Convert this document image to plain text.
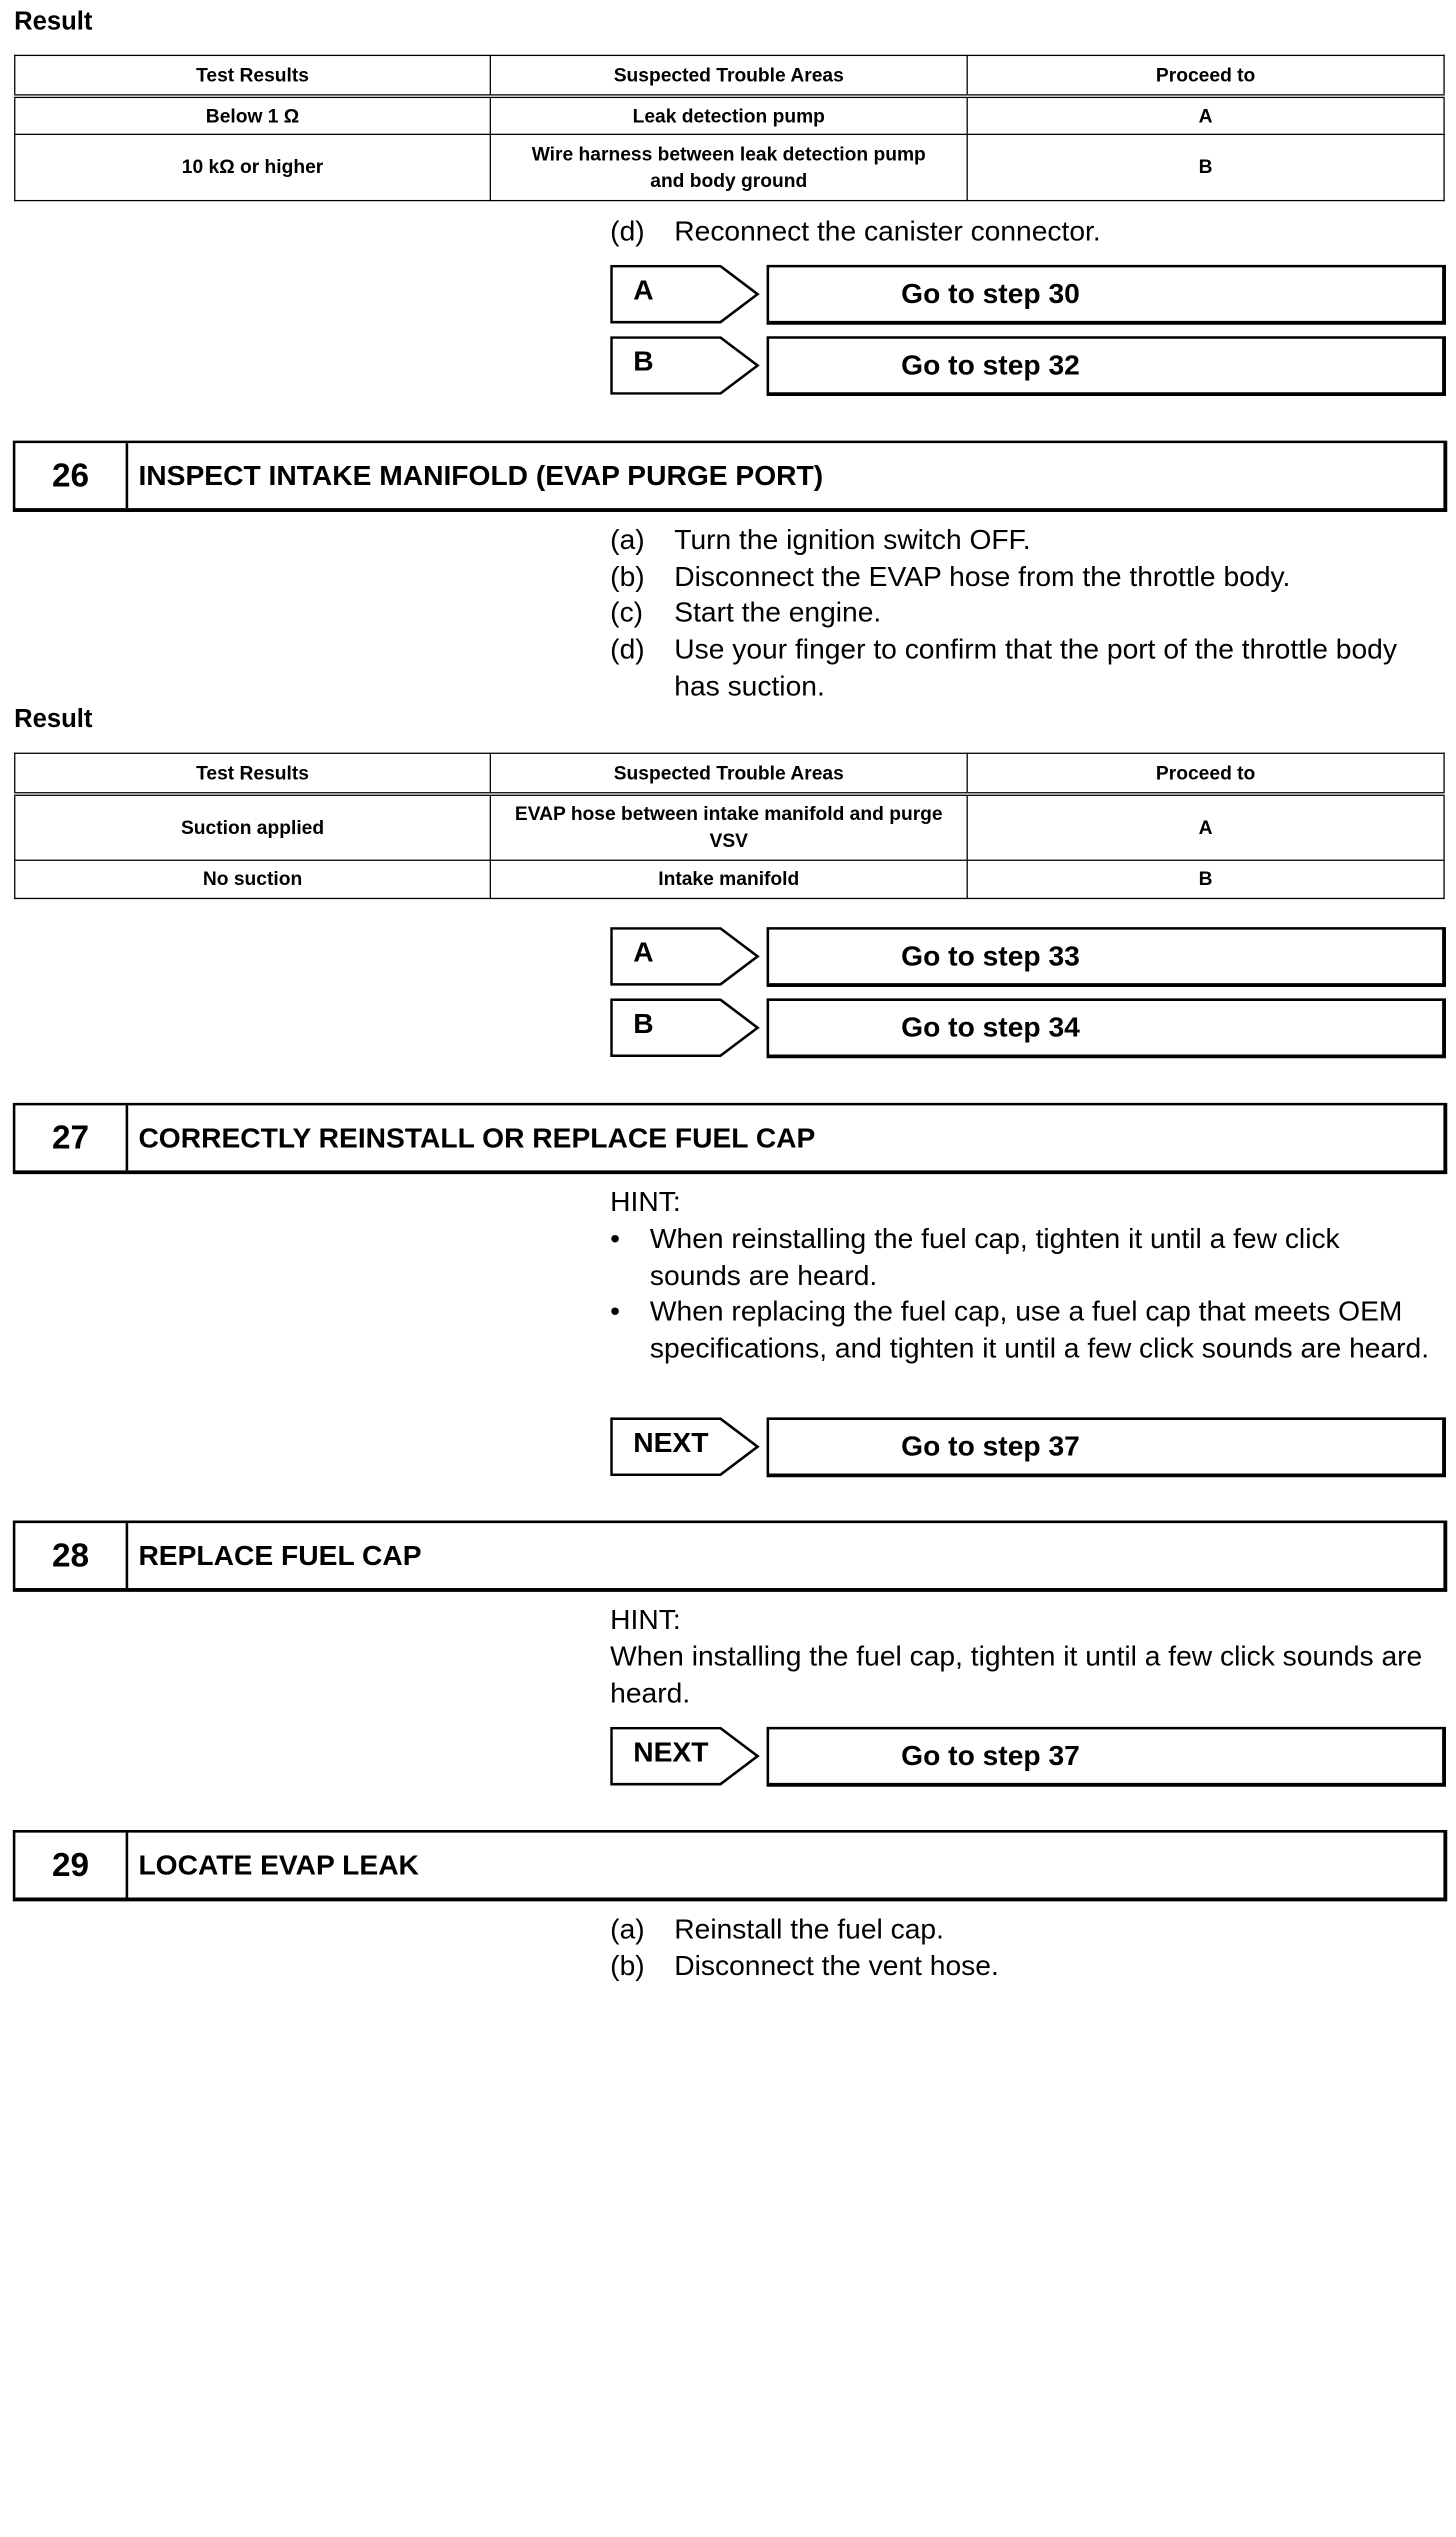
Result
Test Results	Suspected Trouble Areas	Proceed to
Below 1 Ω	Leak detection pump	A
10 kΩ or higher	Wire harness between leak detection pump and body ground	B
(d) Reconnect the canister connector.
A	Go to step 30
B	Go to step 32
26	INSPECT INTAKE MANIFOLD (EVAP PURGE PORT)
(a) Turn the ignition switch OFF.
(b) Disconnect the EVAP hose from the throttle body.
(c) Start the engine.
(d) Use your finger to confirm that the port of the throttle body has suction.
Result
Test Results	Suspected Trouble Areas	Proceed to
Suction applied	EVAP hose between intake manifold and purge VSV	A
No suction	Intake manifold	B
A	Go to step 33
B	Go to step 34
27	CORRECTLY REINSTALL OR REPLACE FUEL CAP
HINT:
• When reinstalling the fuel cap, tighten it until a few click sounds are heard.
• When replacing the fuel cap, use a fuel cap that meets OEM specifications, and tighten it until a few click sounds are heard.
NEXT	Go to step 37
28	REPLACE FUEL CAP
HINT:
When installing the fuel cap, tighten it until a few click sounds are heard.
NEXT	Go to step 37
29	LOCATE EVAP LEAK
(a) Reinstall the fuel cap.
(b) Disconnect the vent hose.
